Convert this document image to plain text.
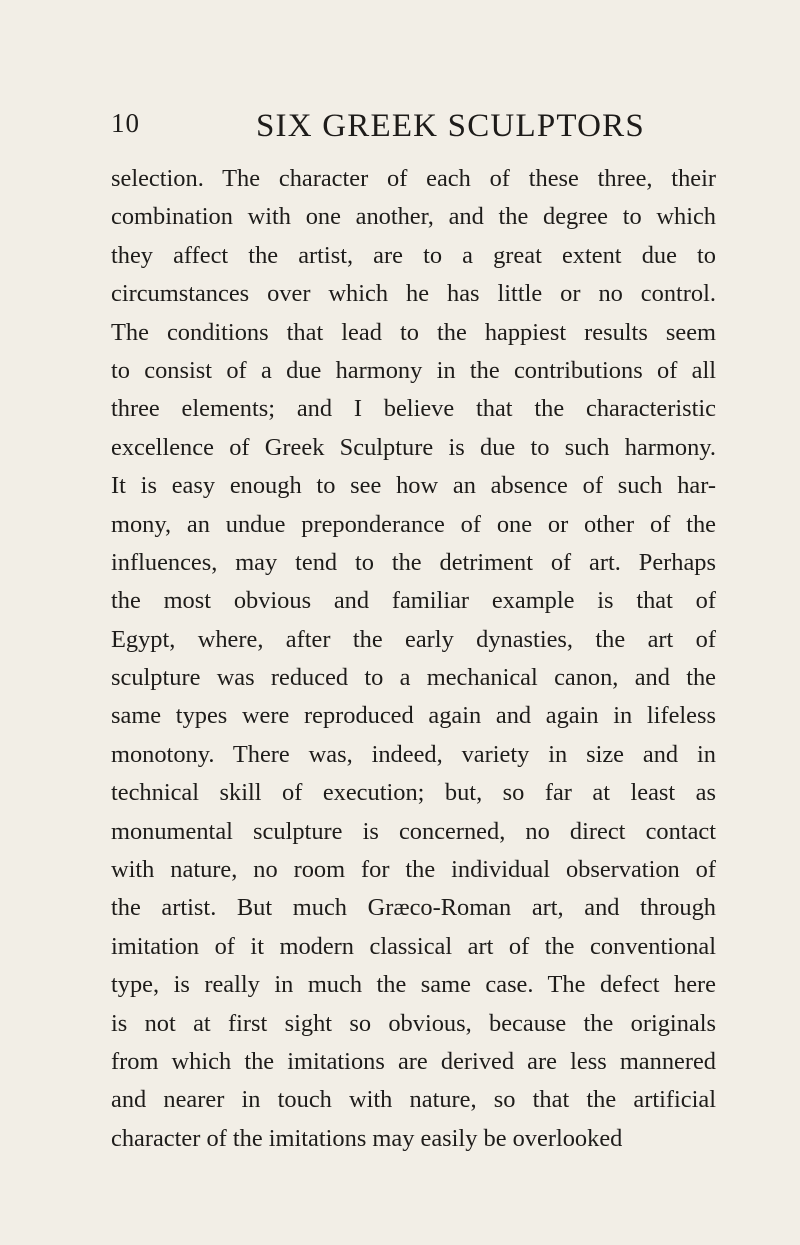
10	SIX GREEK SCULPTORS
selection. The character of each of these three, their
combination with one another, and the degree to which
they affect the artist, are to a great extent due to
circumstances over which he has little or no control.
The conditions that lead to the happiest results seem
to consist of a due harmony in the contributions of all
three elements; and I believe that the characteristic
excellence of Greek Sculpture is due to such harmony.
It is easy enough to see how an absence of such har-
mony, an undue preponderance of one or other of the
influences, may tend to the detriment of art. Perhaps
the most obvious and familiar example is that of
Egypt, where, after the early dynasties, the art of
sculpture was reduced to a mechanical canon, and the
same types were reproduced again and again in lifeless
monotony. There was, indeed, variety in size and in
technical skill of execution; but, so far at least as
monumental sculpture is concerned, no direct contact
with nature, no room for the individual observation of
the artist. But much Græco-Roman art, and through
imitation of it modern classical art of the conventional
type, is really in much the same case. The defect here
is not at first sight so obvious, because the originals
from which the imitations are derived are less mannered
and nearer in touch with nature, so that the artificial
character of the imitations may easily be overlooked
